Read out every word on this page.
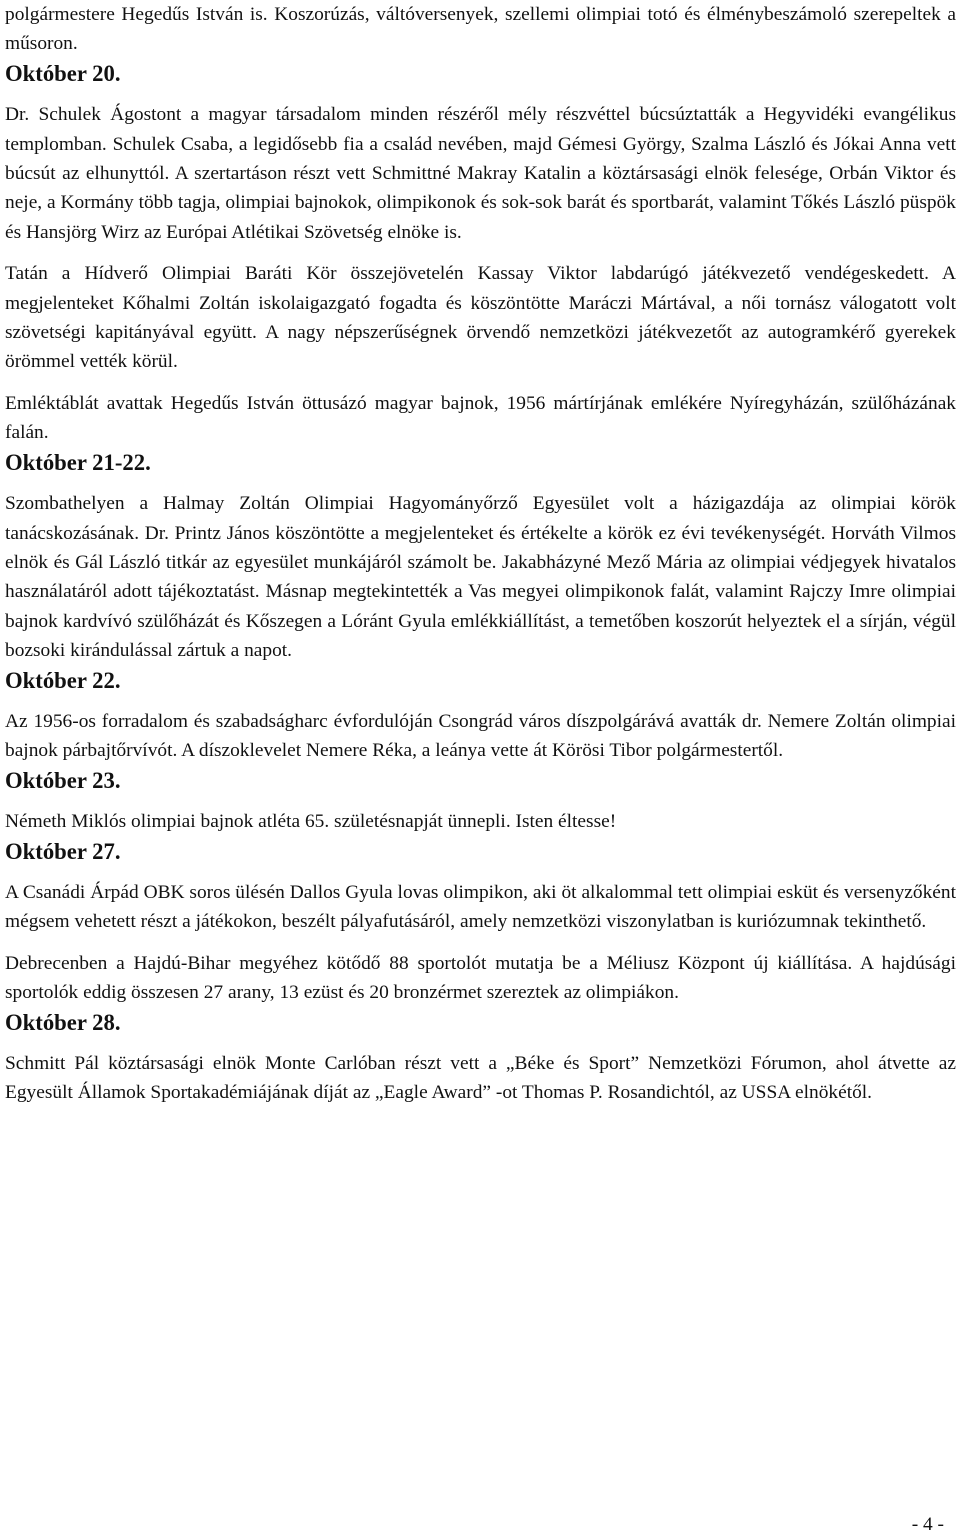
polgármestere Hegedűs István is. Koszorúzás, váltóversenyek, szellemi olimpiai totó és élménybeszámoló szerepeltek a műsoron.

Október 20.

Dr. Schulek Ágostont a magyar társadalom minden részéről mély részvéttel búcsúztatták a Hegyvidéki evangélikus templomban. Schulek Csaba, a legidősebb fia a család nevében, majd Gémesi György, Szalma László és Jókai Anna vett búcsút az elhunyttól. A szertartáson részt vett Schmittné Makray Katalin a köztársasági elnök felesége, Orbán Viktor és neje, a Kormány több tagja, olimpiai bajnokok, olimpikonok és sok-sok barát és sportbarát, valamint Tőkés László püspök és Hansjörg Wirz az Európai Atlétikai Szövetség elnöke is.

Tatán a Hídverő Olimpiai Baráti Kör összejövetelén Kassay Viktor labdarúgó játékvezető vendégeskedett. A megjelenteket Kőhalmi Zoltán iskolaigazgató fogadta és köszöntötte Maráczi Mártával, a női tornász válogatott volt szövetségi kapitányával együtt. A nagy népszerűségnek örvendő nemzetközi játékvezetőt az autogramkérő gyerekek örömmel vették körül.

Emléktáblát avattak Hegedűs István öttusázó magyar bajnok, 1956 mártírjának emlékére Nyíregyházán, szülőházának falán.

Október 21-22.

Szombathelyen a Halmay Zoltán Olimpiai Hagyományőrző Egyesület volt a házigazdája az olimpiai körök tanácskozásának. Dr. Printz János köszöntötte a megjelenteket és értékelte a körök ez évi tevékenységét. Horváth Vilmos elnök és Gál László titkár az egyesület munkájáról számolt be. Jakabházyné Mező Mária az olimpiai védjegyek hivatalos használatáról adott tájékoztatást. Másnap megtekintették a Vas megyei olimpikonok falát, valamint Rajczy Imre olimpiai bajnok kardvívó szülőházát és Kőszegen a Lóránt Gyula emlékkiállítást, a temetőben koszorút helyeztek el a sírján, végül bozsoki kirándulással zártuk a napot.

Október 22.

Az 1956-os forradalom és szabadságharc évfordulóján Csongrád város díszpolgárává avatták dr. Nemere Zoltán olimpiai bajnok párbajtőrvívót. A díszoklevelet Nemere Réka, a leánya vette át Körösi Tibor polgármestertől.

Október 23.

Németh Miklós olimpiai bajnok atléta 65. születésnapját ünnepli. Isten éltesse!

Október 27.

A Csanádi Árpád OBK soros ülésén Dallos Gyula lovas olimpikon, aki öt alkalommal tett olimpiai esküt és versenyzőként mégsem vehetett részt a játékokon, beszélt pályafutásáról, amely nemzetközi viszonylatban is kuriózumnak tekinthető.

Debrecenben a Hajdú-Bihar megyéhez kötődő 88 sportolót mutatja be a Méliusz Központ új kiállítása. A hajdúsági sportolók eddig összesen 27 arany, 13 ezüst és 20 bronzérmet szereztek az olimpiákon.

Október 28.

Schmitt Pál köztársasági elnök Monte Carlóban részt vett a „Béke és Sport” Nemzetközi Fórumon, ahol átvette az Egyesült Államok Sportakadémiájának díját az „Eagle Award” -ot Thomas P. Rosandichtól, az USSA elnökétől.

- 4 -
